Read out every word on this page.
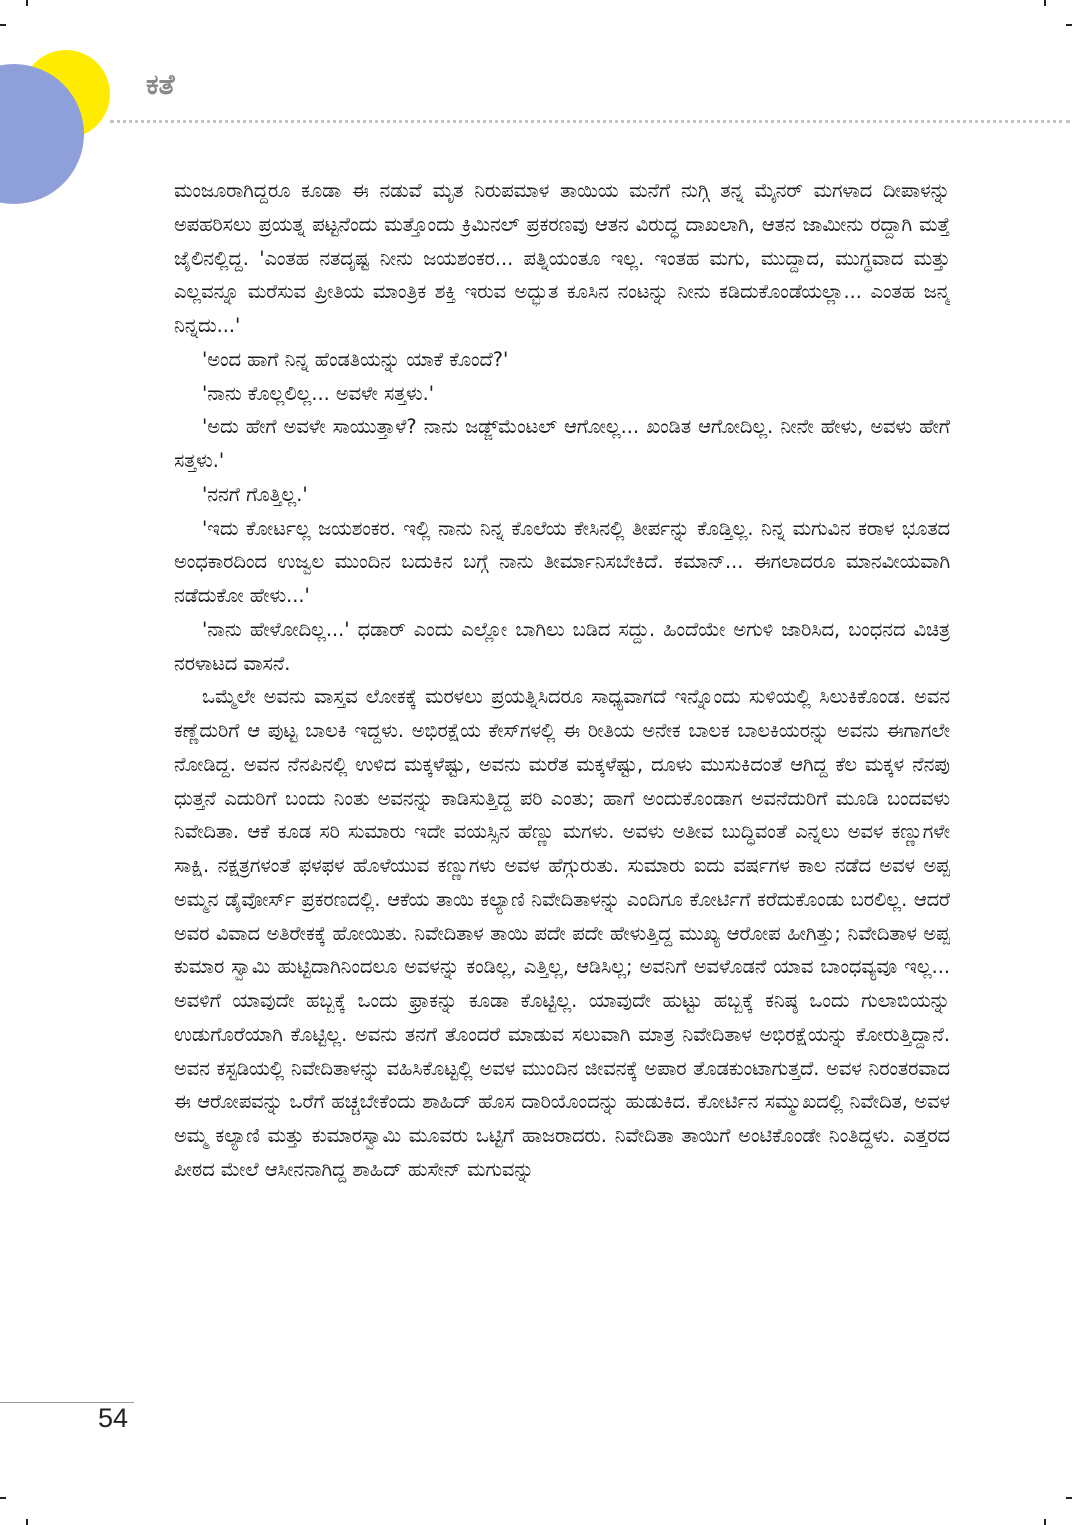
ಕತೆ

ಮಂಜೂರಾಗಿದ್ದರೂ ಕೂಡಾ ಈ ನಡುವೆ ಮೃತ ನಿರುಪಮಾಳ ತಾಯಿಯ ಮನೆಗೆ ನುಗ್ಗಿ ತನ್ನ ಮೈನರ್ ಮಗಳಾದ ದೀಪಾಳನ್ನು ಅಪಹರಿಸಲು ಪ್ರಯತ್ನ ಪಟ್ಟನೆಂದು ಮತ್ತೊಂದು ಕ್ರಿಮಿನಲ್ ಪ್ರಕರಣವು ಆತನ ವಿರುದ್ಧ ದಾಖಲಾಗಿ, ಆತನ ಜಾಮೀನು ರದ್ದಾಗಿ ಮತ್ತೆ ಜೈಲಿನಲ್ಲಿದ್ದ. 'ಎಂತಹ ನತದೃಷ್ಟ ನೀನು ಜಯಶಂಕರ... ಪತ್ನಿಯಂತೂ ಇಲ್ಲ. ಇಂತಹ ಮಗು, ಮುದ್ದಾದ, ಮುಗ್ಧವಾದ ಮತ್ತು ಎಲ್ಲವನ್ನೂ ಮರೆಸುವ ಪ್ರೀತಿಯ ಮಾಂತ್ರಿಕ ಶಕ್ತಿ ಇರುವ ಅದ್ಭುತ ಕೂಸಿನ ನಂಟನ್ನು ನೀನು ಕಡಿದುಕೊಂಡೆಯಲ್ಲಾ... ಎಂತಹ ಜನ್ಮ ನಿನ್ನದು...'

'ಅಂದ ಹಾಗೆ ನಿನ್ನ ಹೆಂಡತಿಯನ್ನು ಯಾಕೆ ಕೊಂದೆ?'

'ನಾನು ಕೊಲ್ಲಲಿಲ್ಲ... ಅವಳೇ ಸತ್ತಳು.'

'ಅದು ಹೇಗೆ ಅವಳೇ ಸಾಯುತ್ತಾಳೆ? ನಾನು ಜಡ್ಜ್‌ಮೆಂಟಲ್ ಆಗೋಲ್ಲ... ಖಂಡಿತ ಆಗೋದಿಲ್ಲ. ನೀನೇ ಹೇಳು, ಅವಳು ಹೇಗೆ ಸತ್ತಳು.'

'ನನಗೆ ಗೊತ್ತಿಲ್ಲ.'

'ಇದು ಕೋರ್ಟಲ್ಲ ಜಯಶಂಕರ. ಇಲ್ಲಿ ನಾನು ನಿನ್ನ ಕೊಲೆಯ ಕೇಸಿನಲ್ಲಿ ತೀರ್ಪನ್ನು ಕೊಡ್ತಿಲ್ಲ. ನಿನ್ನ ಮಗುವಿನ ಕರಾಳ ಭೂತದ ಅಂಧಕಾರದಿಂದ ಉಜ್ವಲ ಮುಂದಿನ ಬದುಕಿನ ಬಗ್ಗೆ ನಾನು ತೀರ್ಮಾನಿಸಬೇಕಿದೆ. ಕಮಾನ್... ಈಗಲಾದರೂ ಮಾನವೀಯವಾಗಿ ನಡೆದುಕೋ ಹೇಳು...'

'ನಾನು ಹೇಳೋದಿಲ್ಲ...' ಧಡಾರ್ ಎಂದು ಎಲ್ಲೋ ಬಾಗಿಲು ಬಡಿದ ಸದ್ದು. ಹಿಂದೆಯೇ ಅಗುಳಿ ಜಾರಿಸಿದ, ಬಂಧನದ ವಿಚಿತ್ರ ನರಳಾಟದ ವಾಸನೆ.

ಒಮ್ಮೆಲೇ ಅವನು ವಾಸ್ತವ ಲೋಕಕ್ಕೆ ಮರಳಲು ಪ್ರಯತ್ನಿಸಿದರೂ ಸಾಧ್ಯವಾಗದೆ ಇನ್ನೊಂದು ಸುಳಿಯಲ್ಲಿ ಸಿಲುಕಿಕೊಂಡ. ಅವನ ಕಣ್ಣೆದುರಿಗೆ ಆ ಪುಟ್ಟ ಬಾಲಕಿ ಇದ್ದಳು. ಅಭಿರಕ್ಷೆಯ ಕೇಸ್‌ಗಳಲ್ಲಿ ಈ ರೀತಿಯ ಅನೇಕ ಬಾಲಕ ಬಾಲಕಿಯರನ್ನು ಅವನು ಈಗಾಗಲೇ ನೋಡಿದ್ದ. ಅವನ ನೆನಪಿನಲ್ಲಿ ಉಳಿದ ಮಕ್ಕಳೆಷ್ಟು, ಅವನು ಮರೆತ ಮಕ್ಕಳೆಷ್ಟು, ದೂಳು ಮುಸುಕಿದಂತೆ ಆಗಿದ್ದ ಕೆಲ ಮಕ್ಕಳ ನೆನಪು ಧುತ್ತನೆ ಎದುರಿಗೆ ಬಂದು ನಿಂತು ಅವನನ್ನು ಕಾಡಿಸುತ್ತಿದ್ದ ಪರಿ ಎಂತು; ಹಾಗೆ ಅಂದುಕೊಂಡಾಗ ಅವನೆದುರಿಗೆ ಮೂಡಿ ಬಂದವಳು ನಿವೇದಿತಾ. ಆಕೆ ಕೂಡ ಸರಿ ಸುಮಾರು ಇದೇ ವಯಸ್ಸಿನ ಹೆಣ್ಣು ಮಗಳು. ಅವಳು ಅತೀವ ಬುದ್ಧಿವಂತೆ ಎನ್ನಲು ಅವಳ ಕಣ್ಣುಗಳೇ ಸಾಕ್ಷಿ. ನಕ್ಷತ್ರಗಳಂತೆ ಫಳಫಳ ಹೊಳೆಯುವ ಕಣ್ಣುಗಳು ಅವಳ ಹೆಗ್ಗುರುತು. ಸುಮಾರು ಐದು ವರ್ಷಗಳ ಕಾಲ ನಡೆದ ಅವಳ ಅಪ್ಪ ಅಮ್ಮನ ಡೈವೋರ್ಸ್ ಪ್ರಕರಣದಲ್ಲಿ. ಆಕೆಯ ತಾಯಿ ಕಲ್ಯಾಣಿ ನಿವೇದಿತಾಳನ್ನು ಎಂದಿಗೂ ಕೋರ್ಟಿಗೆ ಕರೆದುಕೊಂಡು ಬರಲಿಲ್ಲ. ಆದರೆ ಅವರ ವಿವಾದ ಅತಿರೇಕಕ್ಕೆ ಹೋಯಿತು. ನಿವೇದಿತಾಳ ತಾಯಿ ಪದೇ ಪದೇ ಹೇಳುತ್ತಿದ್ದ ಮುಖ್ಯ ಆರೋಪ ಹೀಗಿತ್ತು; ನಿವೇದಿತಾಳ ಅಪ್ಪ ಕುಮಾರ ಸ್ವಾಮಿ ಹುಟ್ಟಿದಾಗಿನಿಂದಲೂ ಅವಳನ್ನು ಕಂಡಿಲ್ಲ, ಎತ್ತಿಲ್ಲ, ಆಡಿಸಿಲ್ಲ; ಅವನಿಗೆ ಅವಳೊಡನೆ ಯಾವ ಬಾಂಧವ್ಯವೂ ಇಲ್ಲ... ಅವಳಿಗೆ ಯಾವುದೇ ಹಬ್ಬಕ್ಕೆ ಒಂದು ಫ್ರಾಕನ್ನು ಕೂಡಾ ಕೊಟ್ಟಿಲ್ಲ. ಯಾವುದೇ ಹುಟ್ಟು ಹಬ್ಬಕ್ಕೆ ಕನಿಷ್ಠ ಒಂದು ಗುಲಾಬಿಯನ್ನು ಉಡುಗೊರೆಯಾಗಿ ಕೊಟ್ಟಿಲ್ಲ. ಅವನು ತನಗೆ ತೊಂದರೆ ಮಾಡುವ ಸಲುವಾಗಿ ಮಾತ್ರ ನಿವೇದಿತಾಳ ಅಭಿರಕ್ಷೆಯನ್ನು ಕೋರುತ್ತಿದ್ದಾನೆ. ಅವನ ಕಸ್ಟಡಿಯಲ್ಲಿ ನಿವೇದಿತಾಳನ್ನು ವಹಿಸಿಕೊಟ್ಟಲ್ಲಿ ಅವಳ ಮುಂದಿನ ಜೀವನಕ್ಕೆ ಅಪಾರ ತೊಡಕುಂಟಾಗುತ್ತದೆ. ಅವಳ ನಿರಂತರವಾದ ಈ ಆರೋಪವನ್ನು ಒರೆಗೆ ಹಚ್ಚಬೇಕೆಂದು ಶಾಹಿದ್ ಹೊಸ ದಾರಿಯೊಂದನ್ನು ಹುಡುಕಿದ. ಕೋರ್ಟಿನ ಸಮ್ಮುಖದಲ್ಲಿ ನಿವೇದಿತ, ಅವಳ ಅಮ್ಮ ಕಲ್ಯಾಣಿ ಮತ್ತು ಕುಮಾರಸ್ವಾಮಿ ಮೂವರು ಒಟ್ಟಿಗೆ ಹಾಜರಾದರು. ನಿವೇದಿತಾ ತಾಯಿಗೆ ಅಂಟಿಕೊಂಡೇ ನಿಂತಿದ್ದಳು. ಎತ್ತರದ ಪೀಠದ ಮೇಲೆ ಆಸೀನನಾಗಿದ್ದ ಶಾಹಿದ್ ಹುಸೇನ್ ಮಗುವನ್ನು

54
